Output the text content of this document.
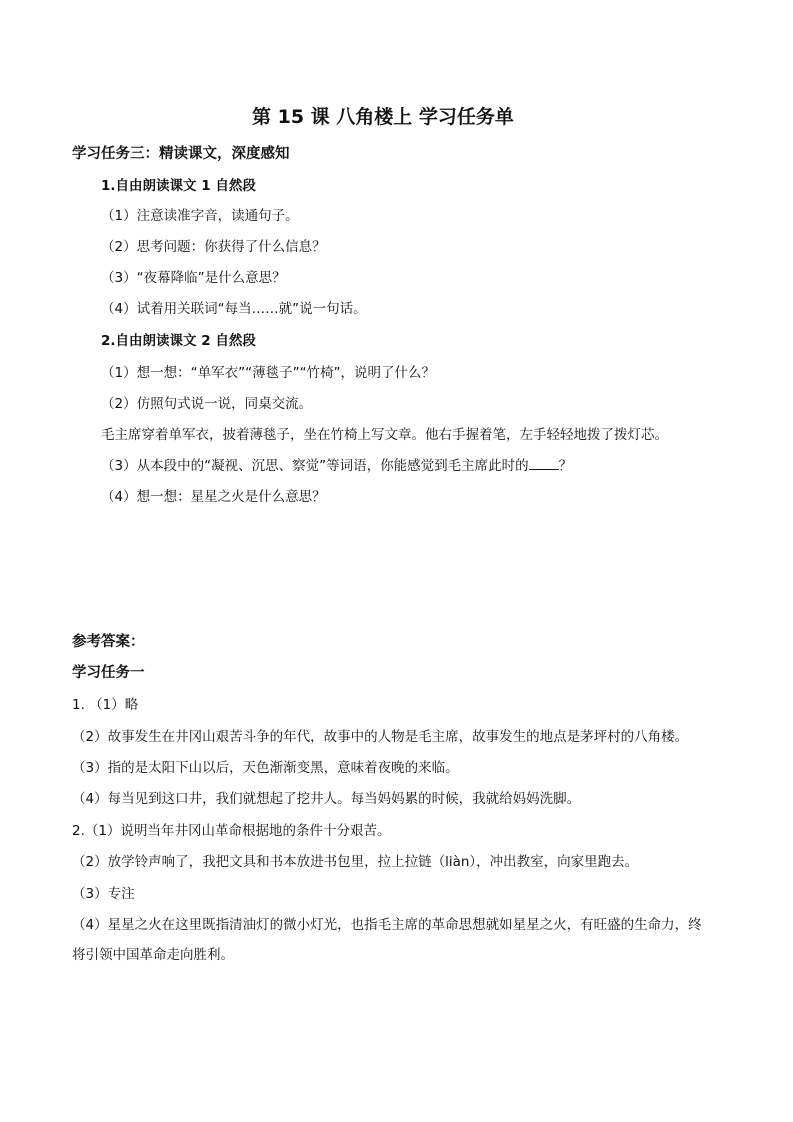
第 15 课 八角楼上 学习任务单
学习任务三：精读课文，深度感知
1.自由朗读课文 1 自然段
（1）注意读准字音，读通句子。
（2）思考问题：你获得了什么信息？
（3）“夜幕降临”是什么意思？
（4）试着用关联词“每当……就”说一句话。
2.自由朗读课文 2 自然段
（1）想一想：“单军衣”“薄毯子”“竹椅”，说明了什么？
（2）仿照句式说一说，同桌交流。
毛主席穿着单军衣，披着薄毯子，坐在竹椅上写文章。他右手握着笔，左手轻轻地拨了拨灯芯。
（3）从本段中的“凝视、沉思、察觉”等词语，你能感觉到毛主席此时的 ？
（4）想一想：星星之火是什么意思？
参考答案：
学习任务一
1. （1）略
（2）故事发生在井冈山艰苦斗争的年代，故事中的人物是毛主席，故事发生的地点是茅坪村的八角楼。
（3）指的是太阳下山以后，天色渐渐变黑，意味着夜晚的来临。
（4）每当见到这口井，我们就想起了挖井人。每当妈妈累的时候，我就给妈妈洗脚。
2.（1）说明当年井冈山革命根据地的条件十分艰苦。
（2）放学铃声响了，我把文具和书本放进书包里，拉上拉链（liàn），冲出教室，向家里跑去。
（3）专注
（4）星星之火在这里既指清油灯的微小灯光，也指毛主席的革命思想就如星星之火，有旺盛的生命力，终
将引领中国革命走向胜利。
